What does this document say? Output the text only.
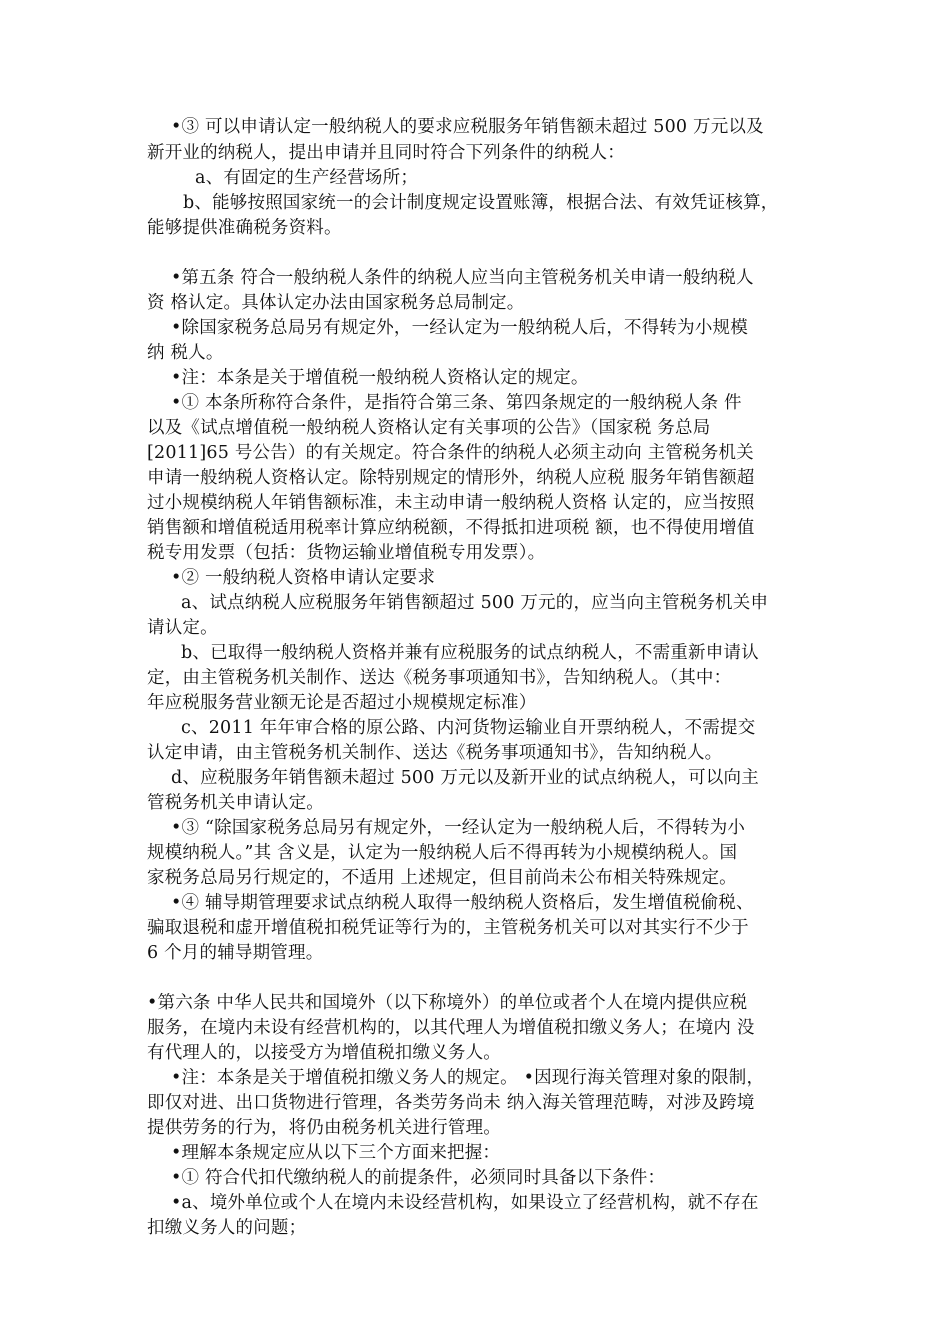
•③ 可以申请认定一般纳税人的要求应税服务年销售额未超过 500 万元以及
新开业的纳税人，提出申请并且同时符合下列条件的纳税人：
a、有固定的生产经营场所；
b、能够按照国家统一的会计制度规定设置账簿，根据合法、有效凭证核算，
能够提供准确税务资料。
•第五条 符合一般纳税人条件的纳税人应当向主管税务机关申请一般纳税人
资 格认定。具体认定办法由国家税务总局制定。
•除国家税务总局另有规定外，一经认定为一般纳税人后，不得转为小规模
纳 税人。
•注：本条是关于增值税一般纳税人资格认定的规定。
•① 本条所称符合条件，是指符合第三条、第四条规定的一般纳税人条 件
以及《试点增值税一般纳税人资格认定有关事项的公告》（国家税 务总局
[2011]65 号公告）的有关规定。符合条件的纳税人必须主动向 主管税务机关
申请一般纳税人资格认定。除特别规定的情形外，纳税人应税 服务年销售额超
过小规模纳税人年销售额标准，未主动申请一般纳税人资格 认定的，应当按照
销售额和增值税适用税率计算应纳税额，不得抵扣进项税 额，也不得使用增值
税专用发票（包括：货物运输业增值税专用发票）。
•② 一般纳税人资格申请认定要求
a、试点纳税人应税服务年销售额超过 500 万元的，应当向主管税务机关申
请认定。
b、已取得一般纳税人资格并兼有应税服务的试点纳税人，不需重新申请认
定，由主管税务机关制作、送达《税务事项通知书》，告知纳税人。（其中：
年应税服务营业额无论是否超过小规模规定标准）
c、2011 年年审合格的原公路、内河货物运输业自开票纳税人，不需提交
认定申请，由主管税务机关制作、送达《税务事项通知书》，告知纳税人。
d、应税服务年销售额未超过 500 万元以及新开业的试点纳税人，可以向主
管税务机关申请认定。
•③ “除国家税务总局另有规定外，一经认定为一般纳税人后，不得转为小
规模纳税人。”其 含义是，认定为一般纳税人后不得再转为小规模纳税人。国
家税务总局另行规定的，不适用 上述规定，但目前尚未公布相关特殊规定。
•④ 辅导期管理要求试点纳税人取得一般纳税人资格后，发生增值税偷税、
骗取退税和虚开增值税扣税凭证等行为的，主管税务机关可以对其实行不少于
6 个月的辅导期管理。
•第六条 中华人民共和国境外（以下称境外）的单位或者个人在境内提供应税
服务，在境内未设有经营机构的，以其代理人为增值税扣缴义务人；在境内 没
有代理人的，以接受方为增值税扣缴义务人。
•注：本条是关于增值税扣缴义务人的规定。 •因现行海关管理对象的限制，
即仅对进、出口货物进行管理，各类劳务尚未 纳入海关管理范畴，对涉及跨境
提供劳务的行为，将仍由税务机关进行管理。
•理解本条规定应从以下三个方面来把握：
•① 符合代扣代缴纳税人的前提条件，必须同时具备以下条件：
•a、境外单位或个人在境内未设经营机构，如果设立了经营机构，就不存在
扣缴义务人的问题；
